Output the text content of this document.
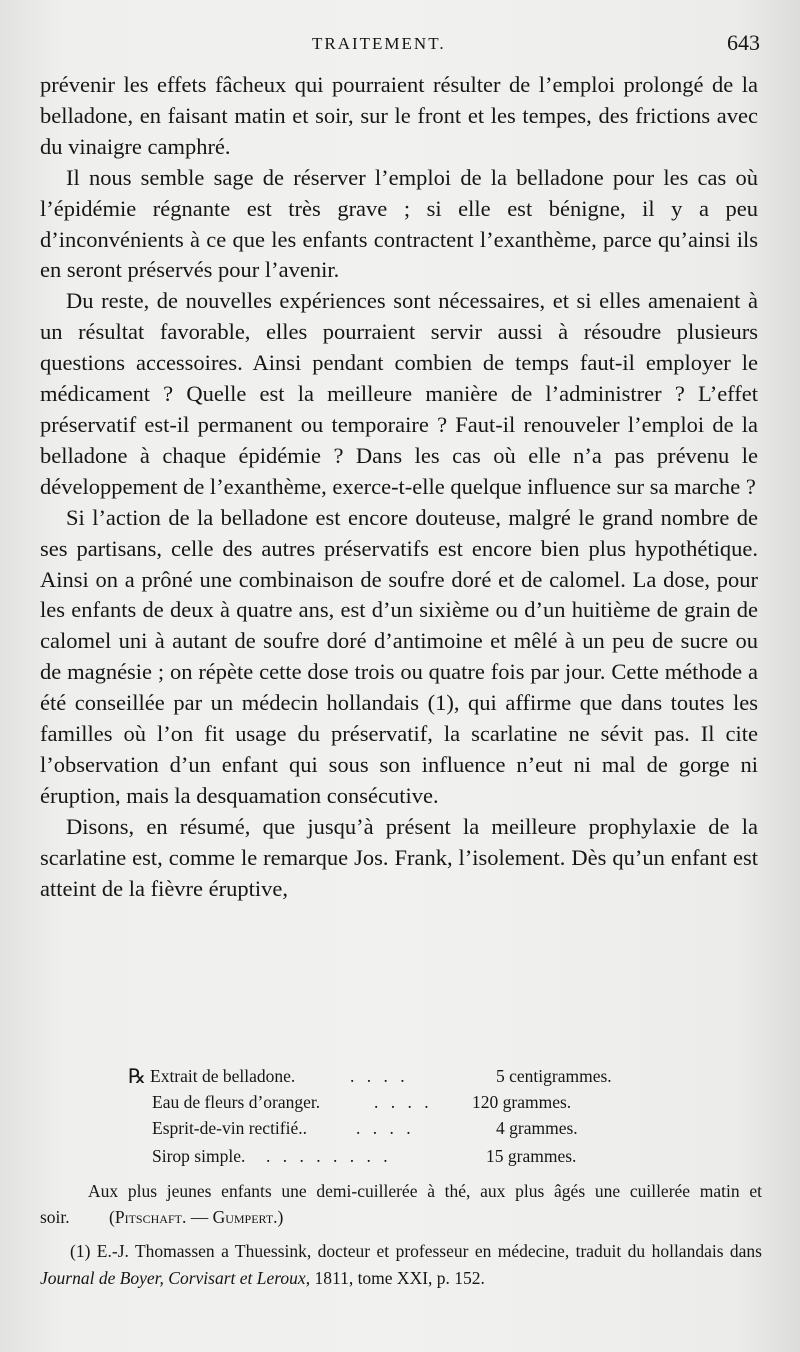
TRAITEMENT.	643

prévenir les effets fâcheux qui pourraient résulter de l’emploi prolongé de la belladone, en faisant matin et soir, sur le front et les tempes, des frictions avec du vinaigre camphré.

Il nous semble sage de réserver l’emploi de la belladone pour les cas où l’épidémie régnante est très grave ; si elle est bénigne, il y a peu d’inconvénients à ce que les enfants contractent l’exanthème, parce qu’ainsi ils en seront préservés pour l’avenir.

Du reste, de nouvelles expériences sont nécessaires, et si elles amenaient à un résultat favorable, elles pourraient servir aussi à résoudre plusieurs questions accessoires. Ainsi pendant combien de temps faut-il employer le médicament ? Quelle est la meilleure manière de l’administrer ? L’effet préservatif est-il permanent ou temporaire ? Faut-il renouveler l’emploi de la belladone à chaque épidémie ? Dans les cas où elle n’a pas prévenu le développement de l’exanthème, exerce-t-elle quelque influence sur sa marche ?

Si l’action de la belladone est encore douteuse, malgré le grand nombre de ses partisans, celle des autres préservatifs est encore bien plus hypothétique. Ainsi on a prôné une combinaison de soufre doré et de calomel. La dose, pour les enfants de deux à quatre ans, est d’un sixième ou d’un huitième de grain de calomel uni à autant de soufre doré d’antimoine et mêlé à un peu de sucre ou de magnésie ; on répète cette dose trois ou quatre fois par jour. Cette méthode a été conseillée par un médecin hollandais (1), qui affirme que dans toutes les familles où l’on fit usage du préservatif, la scarlatine ne sévit pas. Il cite l’observation d’un enfant qui sous son influence n’eut ni mal de gorge ni éruption, mais la desquamation consécutive.

Disons, en résumé, que jusqu’à présent la meilleure prophylaxie de la scarlatine est, comme le remarque Jos. Frank, l’isolement. Dès qu’un enfant est atteint de la fièvre éruptive,

℞ Extrait de belladone.	. . . .	5 centigrammes.
Eau de fleurs d’oranger.	. . . . 120 grammes.
Esprit-de-vin rectifié..	. . . .	4 grammes.
Sirop simple. . . . . . . . .	15 grammes.

Aux plus jeunes enfants une demi-cuillerée à thé, aux plus âgés une cuillerée matin et soir. (Pitschaft. — Gumpert.)

(1) E.-J. Thomassen a Thuessink, docteur et professeur en médecine, traduit du hollandais dans Journal de Boyer, Corvisart et Leroux, 1811, tome XXI, p. 152.
